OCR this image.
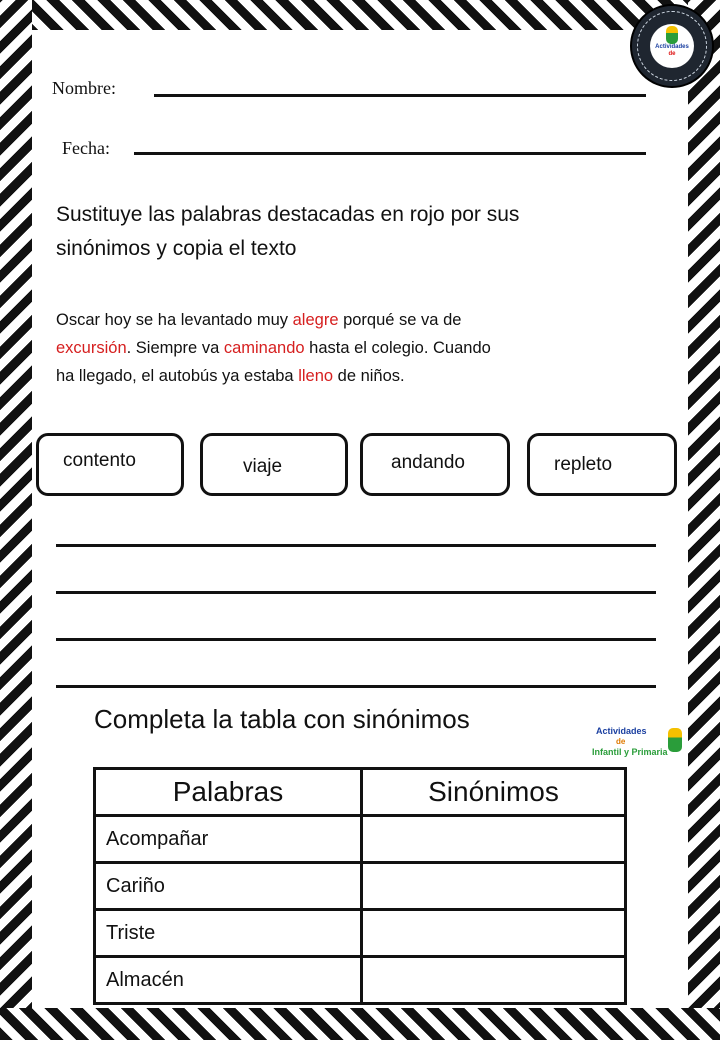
Actividades
de
Nombre:
Fecha:
Sustituye las palabras destacadas en rojo por sus
sinónimos y copia el texto
Oscar hoy se ha levantado muy alegre porqué se va de
excursión. Siempre va caminando hasta el colegio. Cuando
ha llegado, el autobús ya estaba lleno de niños.
contento	viaje	andando	repleto
Completa la tabla con sinónimos	Actividades
de
Infantil y Primaria
Palabras	Sinónimos
Acompañar	
Cariño	
Triste	
Almacén	
